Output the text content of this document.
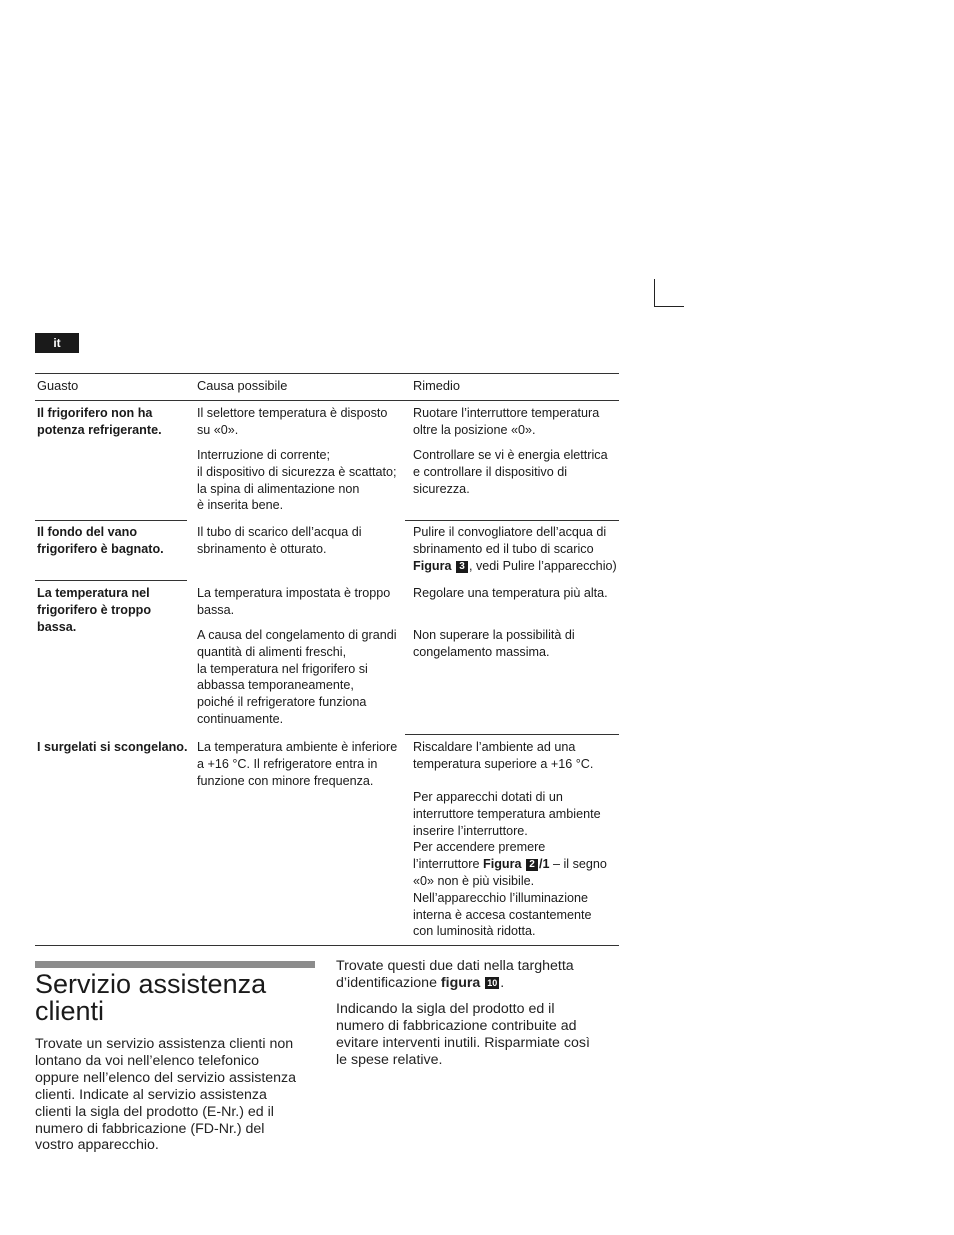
it
Guasto	Causa possibile	Rimedio
Il frigorifero non ha
potenza refrigerante.
Il selettore temperatura è disposto
su «0».
Interruzione di corrente;
il dispositivo di sicurezza è scattato;
la spina di alimentazione non
è inserita bene.
Ruotare l’interruttore temperatura
oltre la posizione «0».
Controllare se vi è energia elettrica
e controllare il dispositivo di
sicurezza.
Il fondo del vano
frigorifero è bagnato.
Il tubo di scarico dell’acqua di
sbrinamento è otturato.
Pulire il convogliatore dell’acqua di
sbrinamento ed il tubo di scarico
Figura 3 , vedi Pulire l’apparecchio)
La temperatura nel
frigorifero è troppo
bassa.
La temperatura impostata è troppo
bassa.
A causa del congelamento di grandi
quantità di alimenti freschi,
la temperatura nel frigorifero si
abbassa temporaneamente,
poiché il refrigeratore funziona
continuamente.
Regolare una temperatura più alta.
Non superare la possibilità di
congelamento massima.
I surgelati si scongelano. La temperatura ambiente è inferiore
a +16 °C. Il refrigeratore entra in
funzione con minore frequenza.
Riscaldare l’ambiente ad una
temperatura superiore a +16 °C.
Per apparecchi dotati di un
interruttore temperatura ambiente
inserire l’interruttore.
Per accendere premere
l’interruttore Figura 2 /1 – il segno
«0» non è più visibile.
Nell’apparecchio l’illuminazione
interna è accesa costantemente
con luminosità ridotta.
Servizio assistenza
clienti
Trovate un servizio assistenza clienti non
lontano da voi nell’elenco telefonico
oppure nell’elenco del servizio assistenza
clienti. Indicate al servizio assistenza
clienti la sigla del prodotto (E-Nr.) ed il
numero di fabbricazione (FD-Nr.) del
vostro apparecchio.
Trovate questi due dati nella targhetta
d’identificazione figura 10 .
Indicando la sigla del prodotto ed il
numero di fabbricazione contribuite ad
evitare interventi inutili. Risparmiate così
le spese relative.
